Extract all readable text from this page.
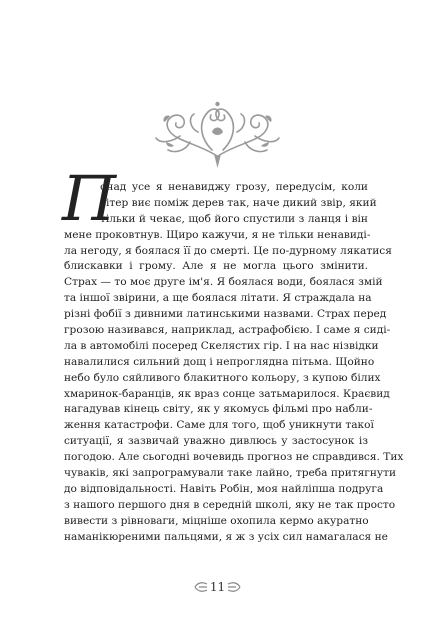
П
онад усе я ненавиджу грозу, передусім, коли
вітер виє поміж дерев так, наче дикий звір, який
тільки й чекає, щоб його спустили з ланця і він
мене проковтнув. Щиро кажучи, я не тільки ненавиді-
ла негоду, я боялася її до смерті. Це по-дурному лякатися
блискавки і грому. Але я не могла цього змінити.
Страх — то моє друге ім'я. Я боялася води, боялася змій
та іншої звірини, а ще боялася літати. Я страждала на
різні фобії з дивними латинськими назвами. Страх перед
грозою називався, наприклад, астрафобією. І саме я сиді-
ла в автомобілі посеред Скелястих гір. І на нас нізвідки
навалилися сильний дощ і непроглядна пітьма. Щойно
небо було сяйливого блакитного кольору, з купою білих
хмаринок-баранців, як враз сонце затьмарилося. Краєвид
нагадував кінець світу, як у якомусь фільмі про набли-
ження катастрофи. Саме для того, щоб уникнути такої
ситуації, я зазвичай уважно дивлюсь у застосунок із
погодою. Але сьогодні вочевидь прогноз не справдився. Тих
чуваків, які запрограмували таке лайно, треба притягнути
до відповідальності. Навіть Робін, моя найліпша подруга
з нашого першого дня в середній школі, яку не так просто
вивести з рівноваги, міцніше охопила кермо акуратно
наманікюреними пальцями, я ж з усіх сил намагалася не
11
